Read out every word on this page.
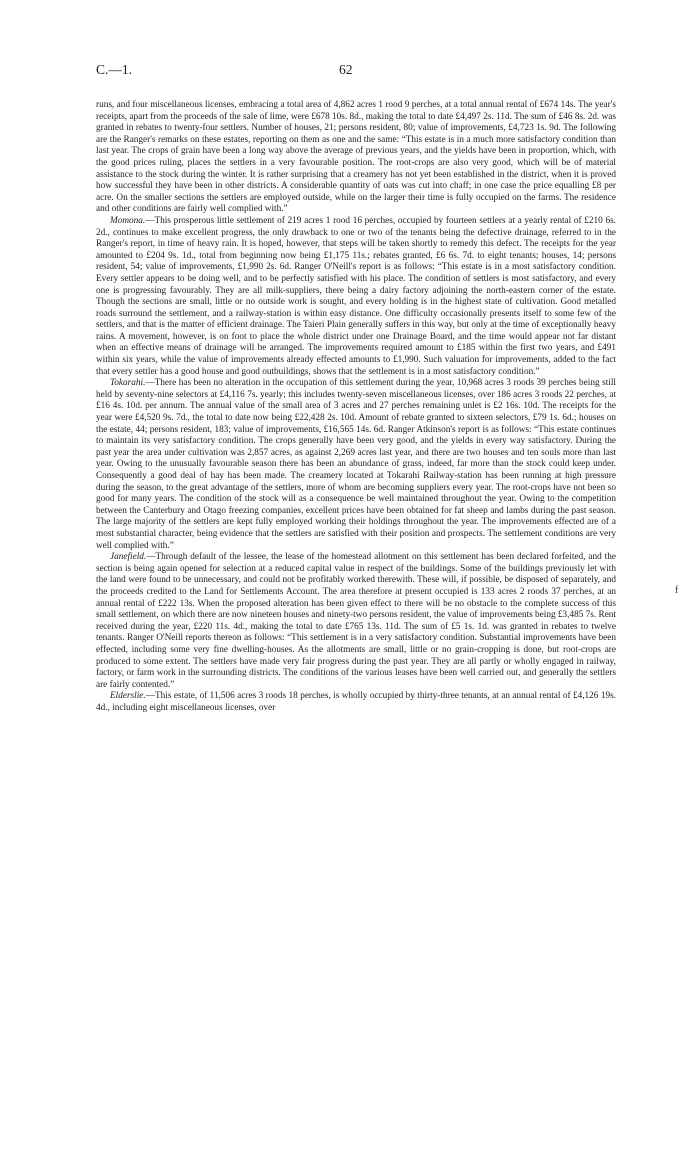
C.—1.	62

runs, and four miscellaneous licenses, embracing a total area of 4,862 acres 1 rood 9 perches, at a total annual rental of £674 14s. The year's receipts, apart from the proceeds of the sale of lime, were £678 10s. 8d., making the total to date £4,497 2s. 11d. The sum of £46 8s. 2d. was granted in rebates to twenty-four settlers. Number of houses, 21; persons resident, 80; value of improvements, £4,723 1s. 9d. The following are the Ranger's remarks on these estates, reporting on them as one and the same: “This estate is in a much more satisfactory condition than last year. The crops of grain have been a long way above the average of previous years, and the yields have been in proportion, which, with the good prices ruling, places the settlers in a very favourable position. The root-crops are also very good, which will be of material assistance to the stock during the winter. It is rather surprising that a creamery has not yet been established in the district, when it is proved how successful they have been in other districts. A considerable quantity of oats was cut into chaff; in one case the price equalling £8 per acre. On the smaller sections the settlers are employed outside, while on the larger their time is fully occupied on the farms. The residence and other conditions are fairly well complied with.”

Momona.—This prosperous little settlement of 219 acres 1 rood 16 perches, occupied by fourteen settlers at a yearly rental of £210 6s. 2d., continues to make excellent progress, the only drawback to one or two of the tenants being the defective drainage, referred to in the Ranger's report, in time of heavy rain. It is hoped, however, that steps will be taken shortly to remedy this defect. The receipts for the year amounted to £204 9s. 1d., total from beginning now being £1,175 11s.; rebates granted, £6 6s. 7d. to eight tenants; houses, 14; persons resident, 54; value of improvements, £1,990 2s. 6d. Ranger O'Neill's report is as follows: “This estate is in a most satisfactory condition. Every settler appears to be doing well, and to be perfectly satisfied with his place. The condition of settlers is most satisfactory, and every one is progressing favourably. They are all milk-suppliers, there being a dairy factory adjoining the north-eastern corner of the estate. Though the sections are small, little or no outside work is sought, and every holding is in the highest state of cultivation. Good metalled roads surround the settlement, and a railway-station is within easy distance. One difficulty occasionally presents itself to some few of the settlers, and that is the matter of efficient drainage. The Taieri Plain generally suffers in this way, but only at the time of exceptionally heavy rains. A movement, however, is on foot to place the whole district under one Drainage Board, and the time would appear not far distant when an effective means of drainage will be arranged. The improvements required amount to £185 within the first two years, and £491 within six years, while the value of improvements already effected amounts to £1,990. Such valuation for improvements, added to the fact that every settler has a good house and good outbuildings, shows that the settlement is in a most satisfactory condition.”

Tokarahi.—There has been no alteration in the occupation of this settlement during the year, 10,968 acres 3 roods 39 perches being still held by seventy-nine selectors at £4,116 7s. yearly; this includes twenty-seven miscellaneous licenses, over 186 acres 3 roods 22 perches, at £16 4s. 10d. per annum. The annual value of the small area of 3 acres and 27 perches remaining unlet is £2 16s. 10d. The receipts for the year were £4,520 9s. 7d., the total to date now being £22,428 2s. 10d. Amount of rebate granted to sixteen selectors, £79 1s. 6d.; houses on the estate, 44; persons resident, 183; value of improvements, £16,565 14s. 6d. Ranger Atkinson's report is as follows: “This estate continues to maintain its very satisfactory condition. The crops generally have been very good, and the yields in every way satisfactory. During the past year the area under cultivation was 2,857 acres, as against 2,269 acres last year, and there are two houses and ten souls more than last year. Owing to the unusually favourable season there has been an abundance of grass, indeed, far more than the stock could keep under. Consequently a good deal of hay has been made. The creamery located at Tokarahi Railway-station has been running at high pressure during the season, to the great advantage of the settlers, more of whom are becoming suppliers every year. The root-crops have not been so good for many years. The condition of the stock will as a consequence be well maintained throughout the year. Owing to the competition between the Canterbury and Otago freezing companies, excellent prices have been obtained for fat sheep and lambs during the past season. The large majority of the settlers are kept fully employed working their holdings throughout the year. The improvements effected are of a most substantial character, being evidence that the settlers are satisfied with their position and prospects. The settlement conditions are very well complied with.”

Janefield.—Through default of the lessee, the lease of the homestead allotment on this settlement has been declared forfeited, and the section is being again opened for selection at a reduced capital value in respect of the buildings. Some of the buildings previously let with the land were found to be unnecessary, and could not be profitably worked therewith. These will, if possible, be disposed of separately, and the proceeds credited to the Land for Settlements Account. The area therefore at present occupied is 133 acres 2 roods 37 perches, at an annual rental of £222 13s. When the proposed alteration has been given effect to there will be no obstacle to the complete success of this small settlement, on which there are now nineteen houses and ninety-two persons resident, the value of improvements being £3,485 7s. Rent received during the year, £220 11s. 4d., making the total to date £765 13s. 11d. The sum of £5 1s. 1d. was granted in rebates to twelve tenants. Ranger O'Neill reports thereon as follows: “This settlement is in a very satisfactory condition. Substantial improvements have been effected, including some very fine dwelling-houses. As the allotments are small, little or no grain-cropping is done, but root-crops are produced to some extent. The settlers have made very fair progress during the past year. They are all partly or wholly engaged in railway, factory, or farm work in the surrounding districts. The conditions of the various leases have been well carried out, and generally the settlers are fairly contented.”

Elderslie.—This estate, of 11,506 acres 3 roods 18 perches, is wholly occupied by thirty-three tenants, at an annual rental of £4,126 19s. 4d., including eight miscellaneous licenses, over

f
